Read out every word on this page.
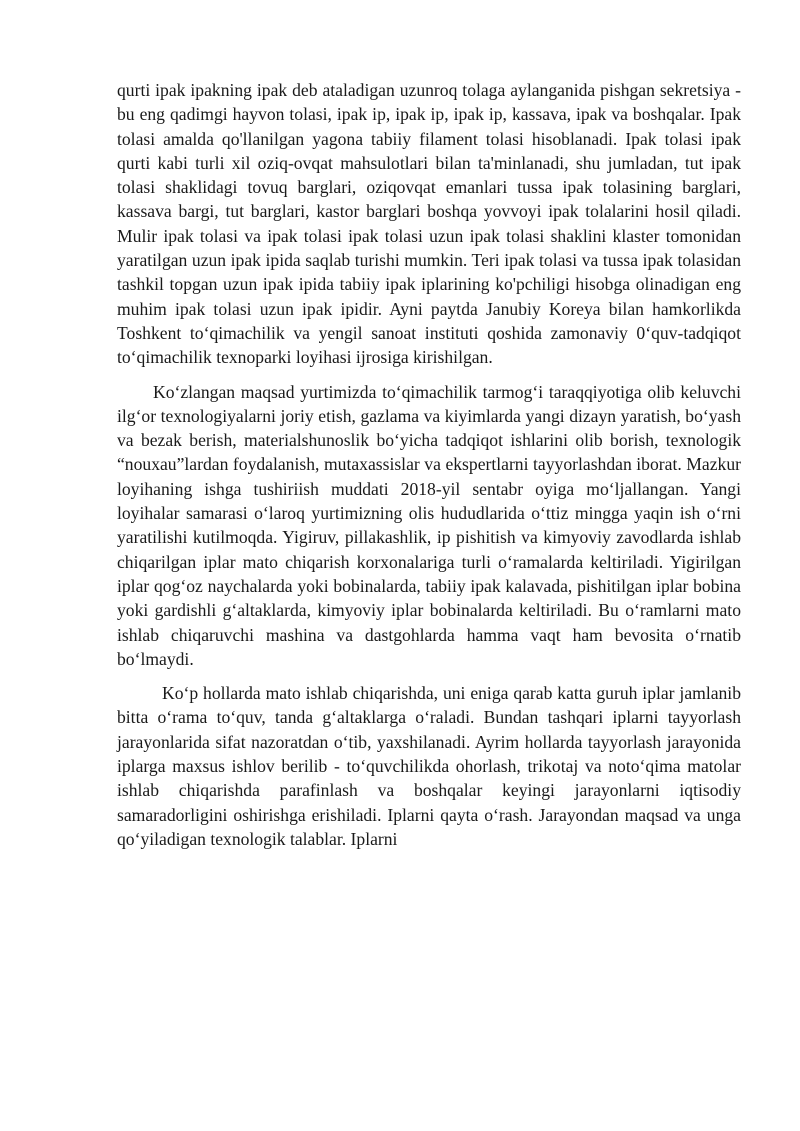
qurti ipak ipakning ipak deb ataladigan uzunroq tolaga aylanganida pishgan sekretsiya - bu eng qadimgi hayvon tolasi, ipak ip, ipak ip, ipak ip, kassava, ipak va boshqalar. Ipak tolasi amalda qo'llanilgan yagona tabiiy filament tolasi hisoblanadi. Ipak tolasi ipak qurti kabi turli xil oziq-ovqat mahsulotlari bilan ta'minlanadi, shu jumladan, tut ipak tolasi shaklidagi tovuq barglari, oziqovqat emanlari tussa ipak tolasining barglari, kassava bargi, tut barglari, kastor barglari boshqa yovvoyi ipak tolalarini hosil qiladi. Mulir ipak tolasi va ipak tolasi ipak tolasi uzun ipak tolasi shaklini klaster tomonidan yaratilgan uzun ipak ipida saqlab turishi mumkin. Teri ipak tolasi va tussa ipak tolasidan tashkil topgan uzun ipak ipida tabiiy ipak iplarining ko'pchiligi hisobga olinadigan eng muhim ipak tolasi uzun ipak ipidir. Ayni paytda Janubiy Koreya bilan hamkorlikda Toshkent to‘qimachilik va yengil sanoat instituti qoshida zamonaviy 0‘quv-tadqiqot to‘qimachilik texnoparki loyihasi ijrosiga kirishilgan.

Ko‘zlangan maqsad yurtimizda to‘qimachilik tarmog‘i taraqqiyotiga olib keluvchi ilg‘or texnologiyalarni joriy etish, gazlama va kiyimlarda yangi dizayn yaratish, bo‘yash va bezak berish, materialshunoslik bo‘yicha tadqiqot ishlarini olib borish, texnologik “nouxau”lardan foydalanish, mutaxassislar va ekspertlarni tayyorlashdan iborat. Mazkur loyihaning ishga tushiriish muddati 2018-yil sentabr oyiga mo‘ljallangan. Yangi loyihalar samarasi o‘laroq yurtimizning olis hududlarida o‘ttiz mingga yaqin ish o‘rni yaratilishi kutilmoqda. Yigiruv, pillakashlik, ip pishitish va kimyoviy zavodlarda ishlab chiqarilgan iplar mato chiqarish korxonalariga turli o‘ramalarda keltiriladi. Yigirilgan iplar qog‘oz naychalarda yoki bobinalarda, tabiiy ipak kalavada, pishitilgan iplar bobina yoki gardishli g‘altaklarda, kimyoviy iplar bobinalarda keltiriladi. Bu o‘ramlarni mato ishlab chiqaruvchi mashina va dastgohlarda hamma vaqt ham bevosita o‘rnatib bo‘lmaydi.

Ko‘p hollarda mato ishlab chiqarishda, uni eniga qarab katta guruh iplar jamlanib bitta o‘rama to‘quv, tanda g‘altaklarga o‘raladi. Bundan tashqari iplarni tayyorlash jarayonlarida sifat nazoratdan o‘tib, yaxshilanadi. Ayrim hollarda tayyorlash jarayonida iplarga maxsus ishlov berilib - to‘quvchilikda ohorlash, trikotaj va noto‘qima matolar ishlab chiqarishda parafinlash va boshqalar keyingi jarayonlarni iqtisodiy samaradorligini oshirishga erishiladi. Iplarni qayta o‘rash. Jarayondan maqsad va unga qo‘yiladigan texnologik talablar. Iplarni
